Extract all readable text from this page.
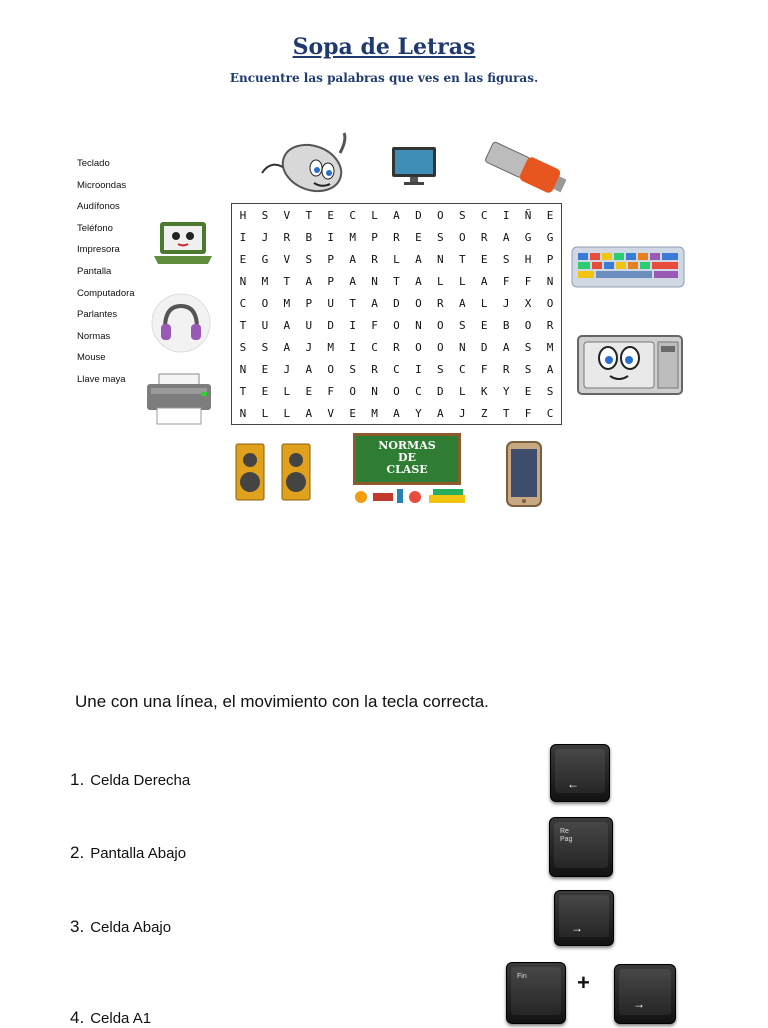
Sopa de Letras
Encuentre las palabras que ves en las figuras.
Teclado
Microondas
Audífonos
Teléfono
Impresora
Pantalla
Computadora
Parlantes
Normas
Mouse
Llave maya
H	S	V	T	E	C	L	A	D	O	S	C	I	Ñ	E
I	J	R	B	I	M	P	R	E	S	O	R	A	G	G
E	G	V	S	P	A	R	L	A	N	T	E	S	H	P
N	M	T	A	P	A	N	T	A	L	L	A	F	F	N
C	O	M	P	U	T	A	D	O	R	A	L	J	X	O
T	U	A	U	D	I	F	O	N	O	S	E	B	O	R
S	S	A	J	M	I	C	R	O	O	N	D	A	S	M
N	E	J	A	O	S	R	C	I	S	C	F	R	S	A
T	E	L	E	F	O	N	O	C	D	L	K	Y	E	S
N	L	L	A	V	E	M	A	Y	A	J	Z	T	F	C
NORMAS
DE
CLASE
Une con una línea, el movimiento con la tecla correcta.
1. Celda Derecha
2. Pantalla Abajo
3. Celda Abajo
4. Celda A1
←
Re
Pag
→
Fin +
→
